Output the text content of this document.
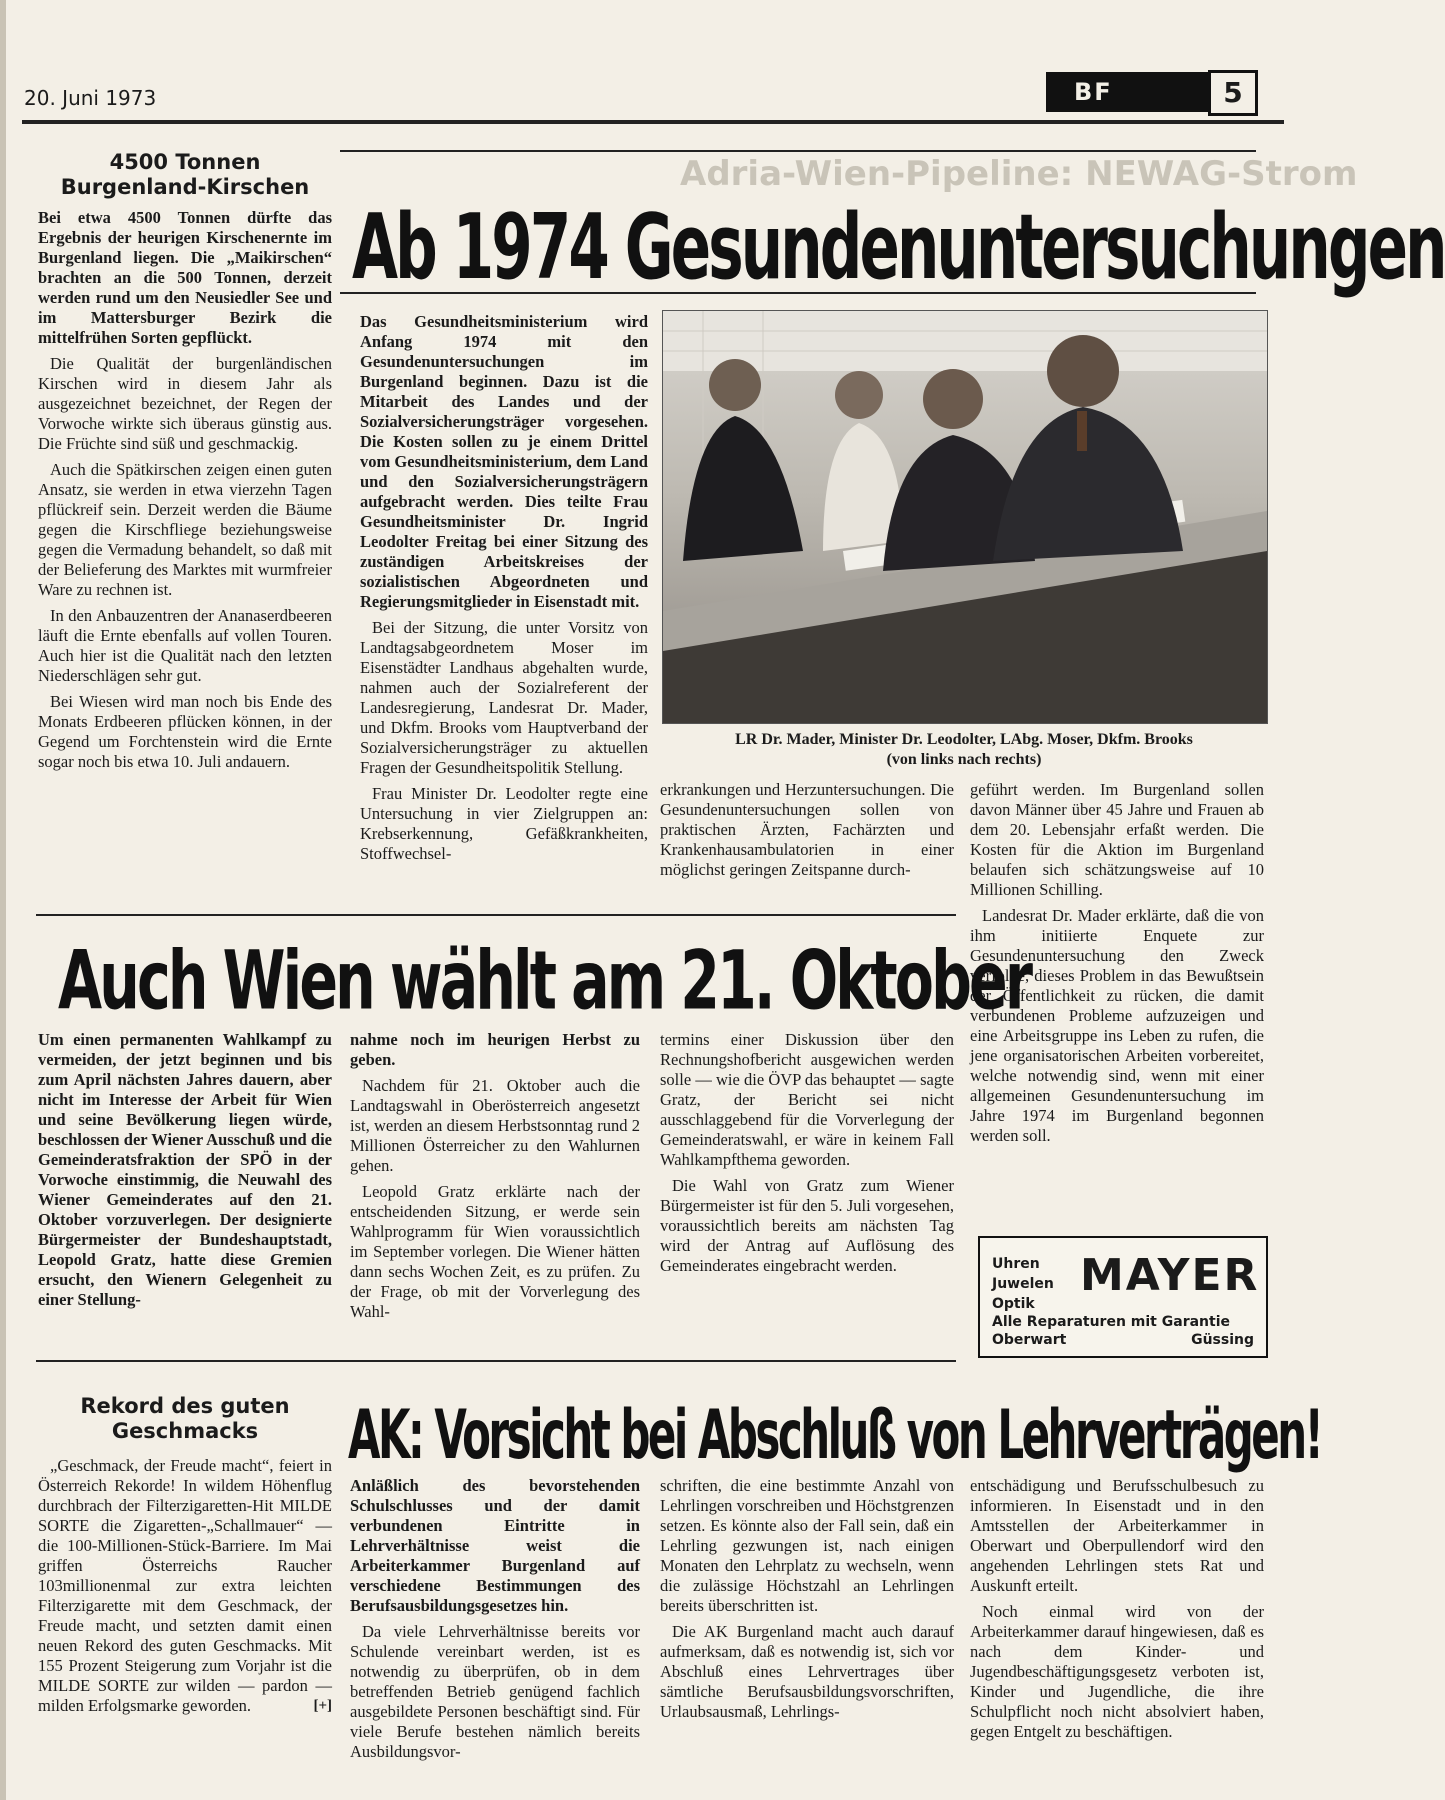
20. Juni 1973	BF	5
4500 Tonnen
Burgenland-Kirschen

Bei etwa 4500 Tonnen dürfte das Ergebnis der heurigen Kirschenernte im Burgenland liegen. Die „Maikirschen“ brachten an die 500 Tonnen, derzeit werden rund um den Neusiedler See und im Mattersburger Bezirk die mittelfrühen Sorten gepflückt.

Die Qualität der burgenländischen Kirschen wird in diesem Jahr als ausgezeichnet bezeichnet, der Regen der Vorwoche wirkte sich überaus günstig aus. Die Früchte sind süß und geschmackig.

Auch die Spätkirschen zeigen einen guten Ansatz, sie werden in etwa vierzehn Tagen pflückreif sein. Derzeit werden die Bäume gegen die Kirschfliege beziehungsweise gegen die Vermadung behandelt, so daß mit der Belieferung des Marktes mit wurmfreier Ware zu rechnen ist.

In den Anbauzentren der Ananaserdbeeren läuft die Ernte ebenfalls auf vollen Touren. Auch hier ist die Qualität nach den letzten Niederschlägen sehr gut.

Bei Wiesen wird man noch bis Ende des Monats Erdbeeren pflücken können, in der Gegend um Forchtenstein wird die Ernte sogar noch bis etwa 10. Juli andauern.

Adria-Wien-Pipeline: NEWAG-Strom
Ab 1974 Gesundenuntersuchungen

Das Gesundheitsministerium wird Anfang 1974 mit den Gesundenuntersuchungen im Burgenland beginnen. Dazu ist die Mitarbeit des Landes und der Sozialversicherungsträger vorgesehen. Die Kosten sollen zu je einem Drittel vom Gesundheitsministerium, dem Land und den Sozialversicherungsträgern aufgebracht werden. Dies teilte Frau Gesundheitsminister Dr. Ingrid Leodolter Freitag bei einer Sitzung des zuständigen Arbeitskreises der sozialistischen Abgeordneten und Regierungsmitglieder in Eisenstadt mit.

Bei der Sitzung, die unter Vorsitz von Landtagsabgeordnetem Moser im Eisenstädter Landhaus abgehalten wurde, nahmen auch der Sozialreferent der Landesregierung, Landesrat Dr. Mader, und Dkfm. Brooks vom Hauptverband der Sozialversicherungsträger zu aktuellen Fragen der Gesundheitspolitik Stellung.

Frau Minister Dr. Leodolter regte eine Untersuchung in vier Zielgruppen an: Krebserkennung, Gefäßkrankheiten, Stoffwechsel-

LR Dr. Mader, Minister Dr. Leodolter, LAbg. Moser, Dkfm. Brooks
(von links nach rechts)

erkrankungen und Herzuntersuchungen. Die Gesundenuntersuchungen sollen von praktischen Ärzten, Fachärzten und Krankenhausambulatorien in einer möglichst geringen Zeitspanne durch-

geführt werden. Im Burgenland sollen davon Männer über 45 Jahre und Frauen ab dem 20. Lebensjahr erfaßt werden. Die Kosten für die Aktion im Burgenland belaufen sich schätzungsweise auf 10 Millionen Schilling.

Landesrat Dr. Mader erklärte, daß die von ihm initiierte Enquete zur Gesundenuntersuchung den Zweck verfolge, dieses Problem in das Bewußtsein der Öffentlichkeit zu rücken, die damit verbundenen Probleme aufzuzeigen und eine Arbeitsgruppe ins Leben zu rufen, die jene organisatorischen Arbeiten vorbereitet, welche notwendig sind, wenn mit einer allgemeinen Gesundenuntersuchung im Jahre 1974 im Burgenland begonnen werden soll.

Auch Wien wählt am 21. Oktober

Um einen permanenten Wahlkampf zu vermeiden, der jetzt beginnen und bis zum April nächsten Jahres dauern, aber nicht im Interesse der Arbeit für Wien und seine Bevölkerung liegen würde, beschlossen der Wiener Ausschuß und die Gemeinderatsfraktion der SPÖ in der Vorwoche einstimmig, die Neuwahl des Wiener Gemeinderates auf den 21. Oktober vorzuverlegen. Der designierte Bürgermeister der Bundeshauptstadt, Leopold Gratz, hatte diese Gremien ersucht, den Wienern Gelegenheit zu einer Stellung-

nahme noch im heurigen Herbst zu geben.

Nachdem für 21. Oktober auch die Landtagswahl in Oberösterreich angesetzt ist, werden an diesem Herbstsonntag rund 2 Millionen Österreicher zu den Wahlurnen gehen.

Leopold Gratz erklärte nach der entscheidenden Sitzung, er werde sein Wahlprogramm für Wien voraussichtlich im September vorlegen. Die Wiener hätten dann sechs Wochen Zeit, es zu prüfen. Zu der Frage, ob mit der Vorverlegung des Wahl-

termins einer Diskussion über den Rechnungshofbericht ausgewichen werden solle — wie die ÖVP das behauptet — sagte Gratz, der Bericht sei nicht ausschlaggebend für die Vorverlegung der Gemeinderatswahl, er wäre in keinem Fall Wahlkampfthema geworden.

Die Wahl von Gratz zum Wiener Bürgermeister ist für den 5. Juli vorgesehen, voraussichtlich bereits am nächsten Tag wird der Antrag auf Auflösung des Gemeinderates eingebracht werden.	Uhren
Juwelen
Optik
MAYER
Alle Reparaturen mit Garantie
Oberwart	Güssing
Rekord des guten
Geschmacks

„Geschmack, der Freude macht“, feiert in Österreich Rekorde! In wildem Höhenflug durchbrach der Filterzigaretten-Hit MILDE SORTE die Zigaretten-„Schallmauer“ — die 100-Millionen-Stück-Barriere. Im Mai griffen Österreichs Raucher 103millionenmal zur extra leichten Filterzigarette mit dem Geschmack, der Freude macht, und setzten damit einen neuen Rekord des guten Geschmacks. Mit 155 Prozent Steigerung zum Vorjahr ist die MILDE SORTE zur wilden — pardon — milden Erfolgsmarke geworden.	[+]
AK: Vorsicht bei Abschluß von Lehrverträgen!

Anläßlich des bevorstehenden Schulschlusses und der damit verbundenen Eintritte in Lehrverhältnisse weist die Arbeiterkammer Burgenland auf verschiedene Bestimmungen des Berufsausbildungsgesetzes hin.

Da viele Lehrverhältnisse bereits vor Schulende vereinbart werden, ist es notwendig zu überprüfen, ob in dem betreffenden Betrieb genügend fachlich ausgebildete Personen beschäftigt sind. Für viele Berufe bestehen nämlich bereits Ausbildungsvor-

schriften, die eine bestimmte Anzahl von Lehrlingen vorschreiben und Höchstgrenzen setzen. Es könnte also der Fall sein, daß ein Lehrling gezwungen ist, nach einigen Monaten den Lehrplatz zu wechseln, wenn die zulässige Höchstzahl an Lehrlingen bereits überschritten ist.

Die AK Burgenland macht auch darauf aufmerksam, daß es notwendig ist, sich vor Abschluß eines Lehrvertrages über sämtliche Berufsausbildungsvorschriften, Urlaubsausmaß, Lehrlings-

entschädigung und Berufsschulbesuch zu informieren. In Eisenstadt und in den Amtsstellen der Arbeiterkammer in Oberwart und Oberpullendorf wird den angehenden Lehrlingen stets Rat und Auskunft erteilt.

Noch einmal wird von der Arbeiterkammer darauf hingewiesen, daß es nach dem Kinder- und Jugendbeschäftigungsgesetz verboten ist, Kinder und Jugendliche, die ihre Schulpflicht noch nicht absolviert haben, gegen Entgelt zu beschäftigen.
